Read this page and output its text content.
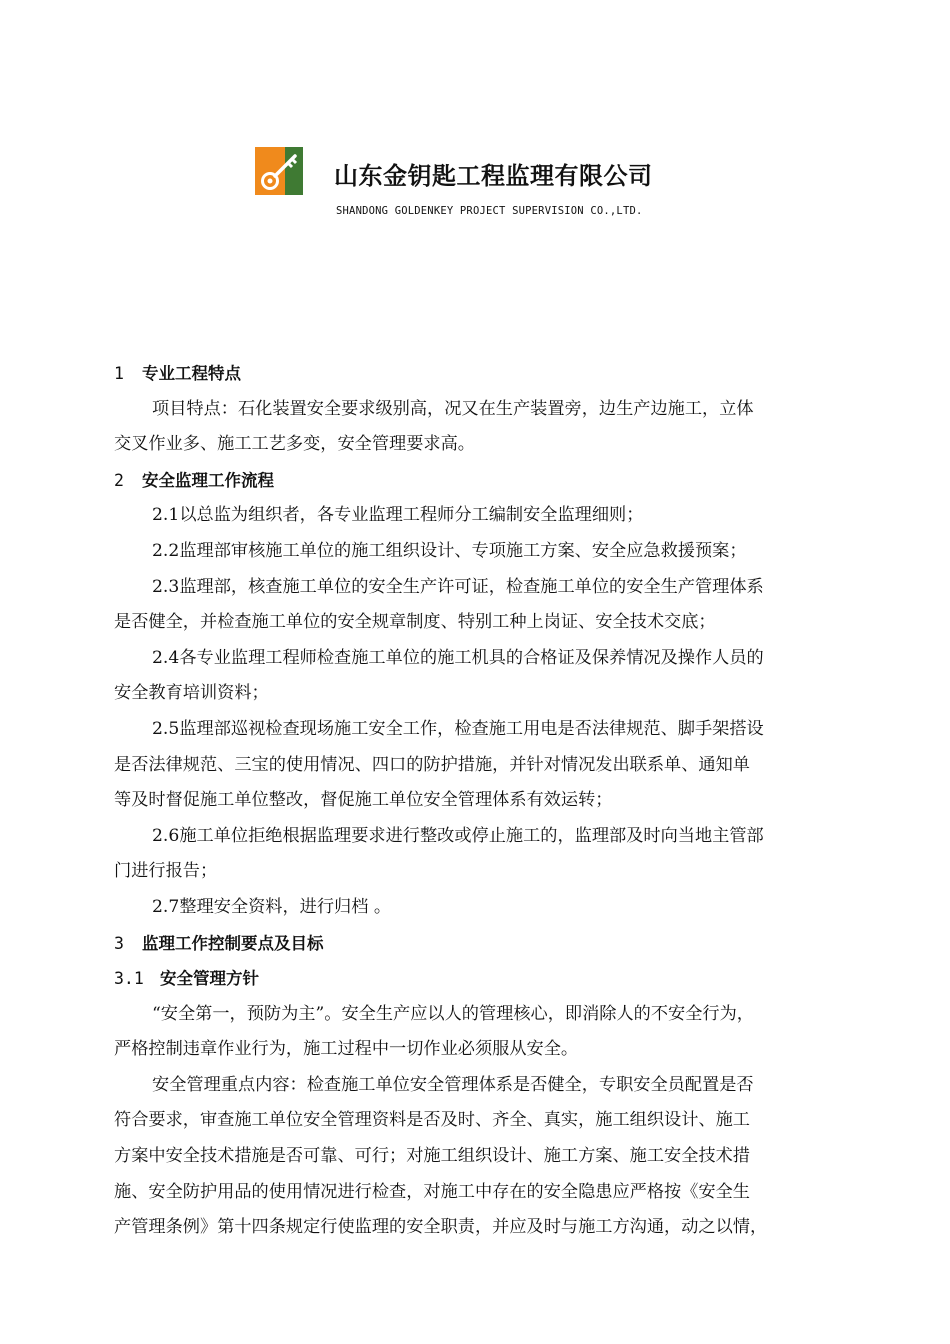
山东金钥匙工程监理有限公司
SHANDONG GOLDENKEY PROJECT SUPERVISION CO.,LTD.
1 专业工程特点
项目特点：石化装置安全要求级别高，况又在生产装置旁，边生产边施工，立体
交叉作业多、施工工艺多变，安全管理要求高。
2 安全监理工作流程
2.1以总监为组织者，各专业监理工程师分工编制安全监理细则；
2.2监理部审核施工单位的施工组织设计、专项施工方案、安全应急救援预案；
2.3监理部，核查施工单位的安全生产许可证，检查施工单位的安全生产管理体系
是否健全，并检查施工单位的安全规章制度、特别工种上岗证、安全技术交底；
2.4各专业监理工程师检查施工单位的施工机具的合格证及保养情况及操作人员的
安全教育培训资料；
2.5监理部巡视检查现场施工安全工作，检查施工用电是否法律规范、脚手架搭设
是否法律规范、三宝的使用情况、四口的防护措施，并针对情况发出联系单、通知单
等及时督促施工单位整改，督促施工单位安全管理体系有效运转；
2.6施工单位拒绝根据监理要求进行整改或停止施工的，监理部及时向当地主管部
门进行报告；
2.7整理安全资料，进行归档 。
3 监理工作控制要点及目标
3.1 安全管理方针
“安全第一，预防为主”。安全生产应以人的管理核心，即消除人的不安全行为，
严格控制违章作业行为，施工过程中一切作业必须服从安全。
安全管理重点内容：检查施工单位安全管理体系是否健全，专职安全员配置是否
符合要求，审查施工单位安全管理资料是否及时、齐全、真实，施工组织设计、施工
方案中安全技术措施是否可靠、可行；对施工组织设计、施工方案、施工安全技术措
施、安全防护用品的使用情况进行检查，对施工中存在的安全隐患应严格按《安全生
产管理条例》第十四条规定行使监理的安全职责，并应及时与施工方沟通，动之以情，
